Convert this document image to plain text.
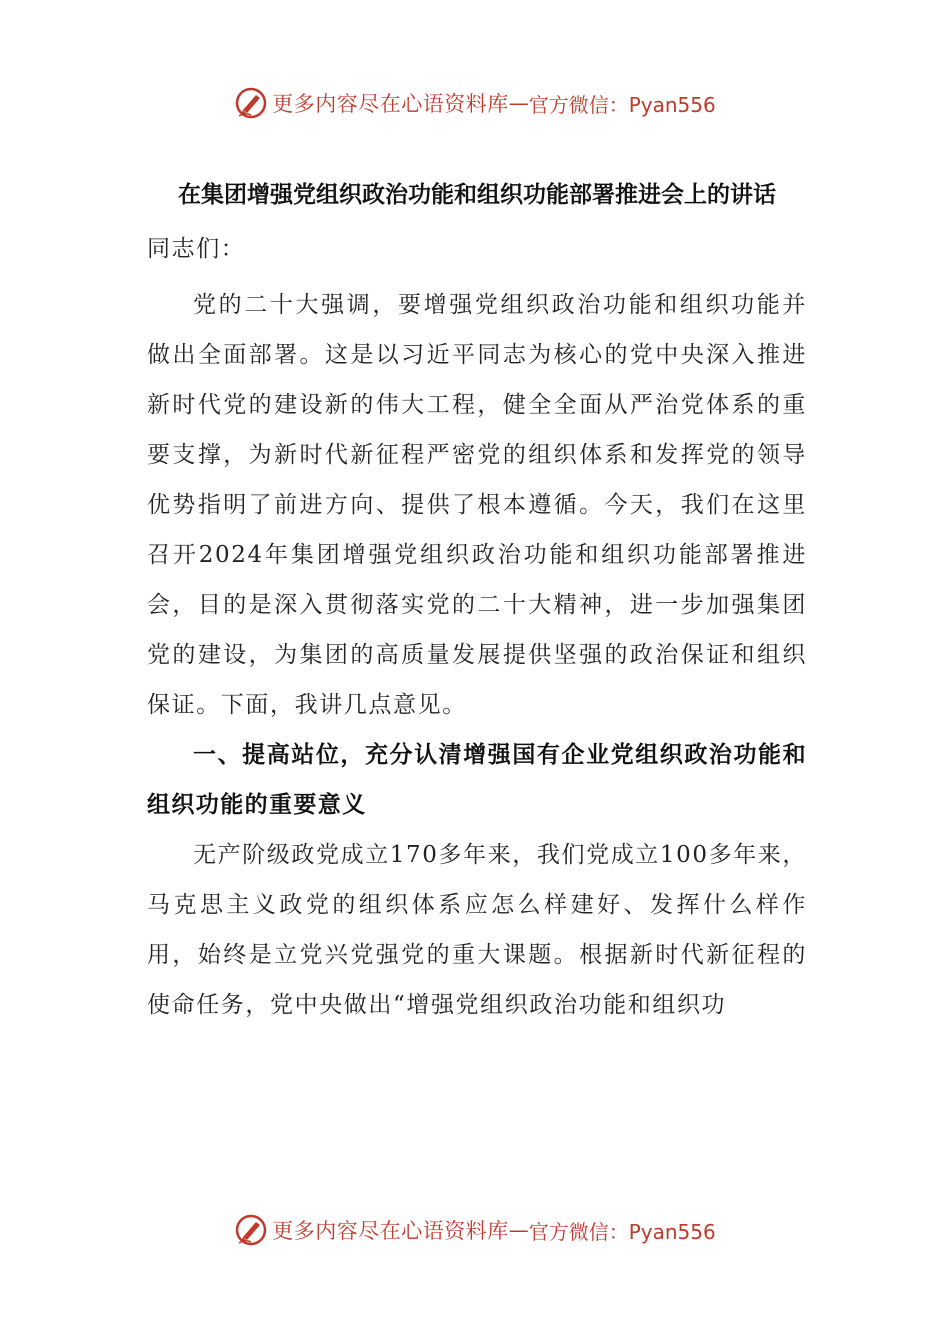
更多内容尽在心语资料库 — 官方微信：Pyan556
在集团增强党组织政治功能和组织功能部署推进会上的讲话

同志们：

党的二十大强调，要增强党组织政治功能和组织功能并做出全面部署。这是以习近平同志为核心的党中央深入推进新时代党的建设新的伟大工程，健全全面从严治党体系的重要支撑，为新时代新征程严密党的组织体系和发挥党的领导优势指明了前进方向、提供了根本遵循。今天，我们在这里召开2024年集团增强党组织政治功能和组织功能部署推进会，目的是深入贯彻落实党的二十大精神，进一步加强集团党的建设，为集团的高质量发展提供坚强的政治保证和组织保证。下面，我讲几点意见。

一、提高站位，充分认清增强国有企业党组织政治功能和组织功能的重要意义

无产阶级政党成立170多年来，我们党成立100多年来，马克思主义政党的组织体系应怎么样建好、发挥什么样作用，始终是立党兴党强党的重大课题。根据新时代新征程的使命任务，党中央做出“增强党组织政治功能和组织功

更多内容尽在心语资料库 — 官方微信：Pyan556
